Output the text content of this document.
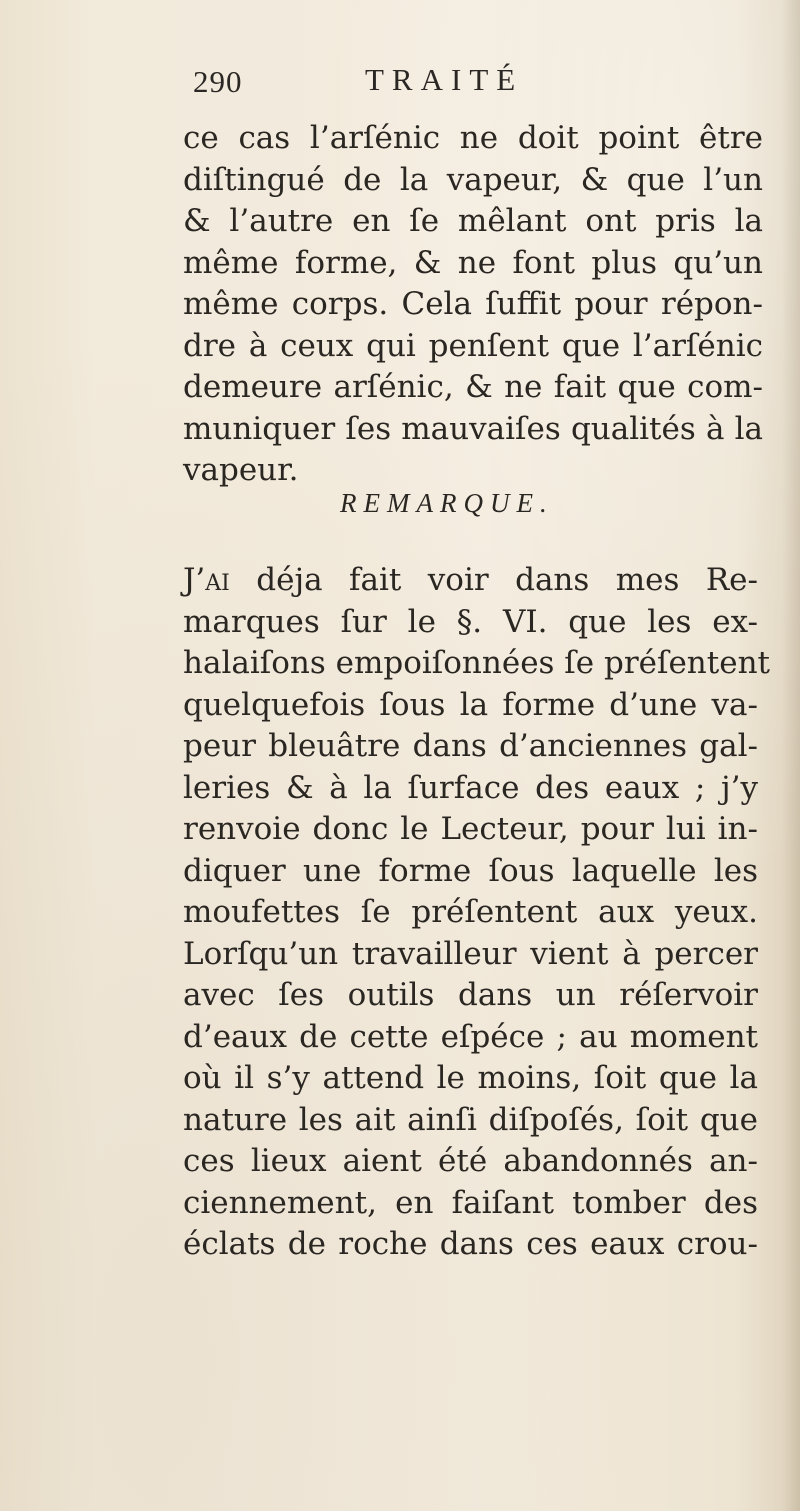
290	TRAITÉ
ce cas l’arſénic ne doit point être
diſtingué de la vapeur, & que l’un
& l’autre en ſe mêlant ont pris la
même forme, & ne font plus qu’un
même corps. Cela ſuffit pour répon-
dre à ceux qui penſent que l’arſénic
demeure arſénic, & ne fait que com-
muniquer ſes mauvaiſes qualités à la
vapeur.
REMARQUE.
J’ai déja fait voir dans mes Re-
marques ſur le §. VI. que les ex-
halaiſons empoiſonnées ſe préſentent
quelquefois ſous la forme d’une va-
peur bleuâtre dans d’anciennes gal-
leries & à la ſurface des eaux ; j’y
renvoie donc le Lecteur, pour lui in-
diquer une forme ſous laquelle les
moufettes ſe préſentent aux yeux.
Lorſqu’un travailleur vient à percer
avec ſes outils dans un réſervoir
d’eaux de cette eſpéce ; au moment
où il s’y attend le moins, ſoit que la
nature les ait ainſi diſpoſés, ſoit que
ces lieux aient été abandonnés an-
ciennement, en faiſant tomber des
éclats de roche dans ces eaux crou-
